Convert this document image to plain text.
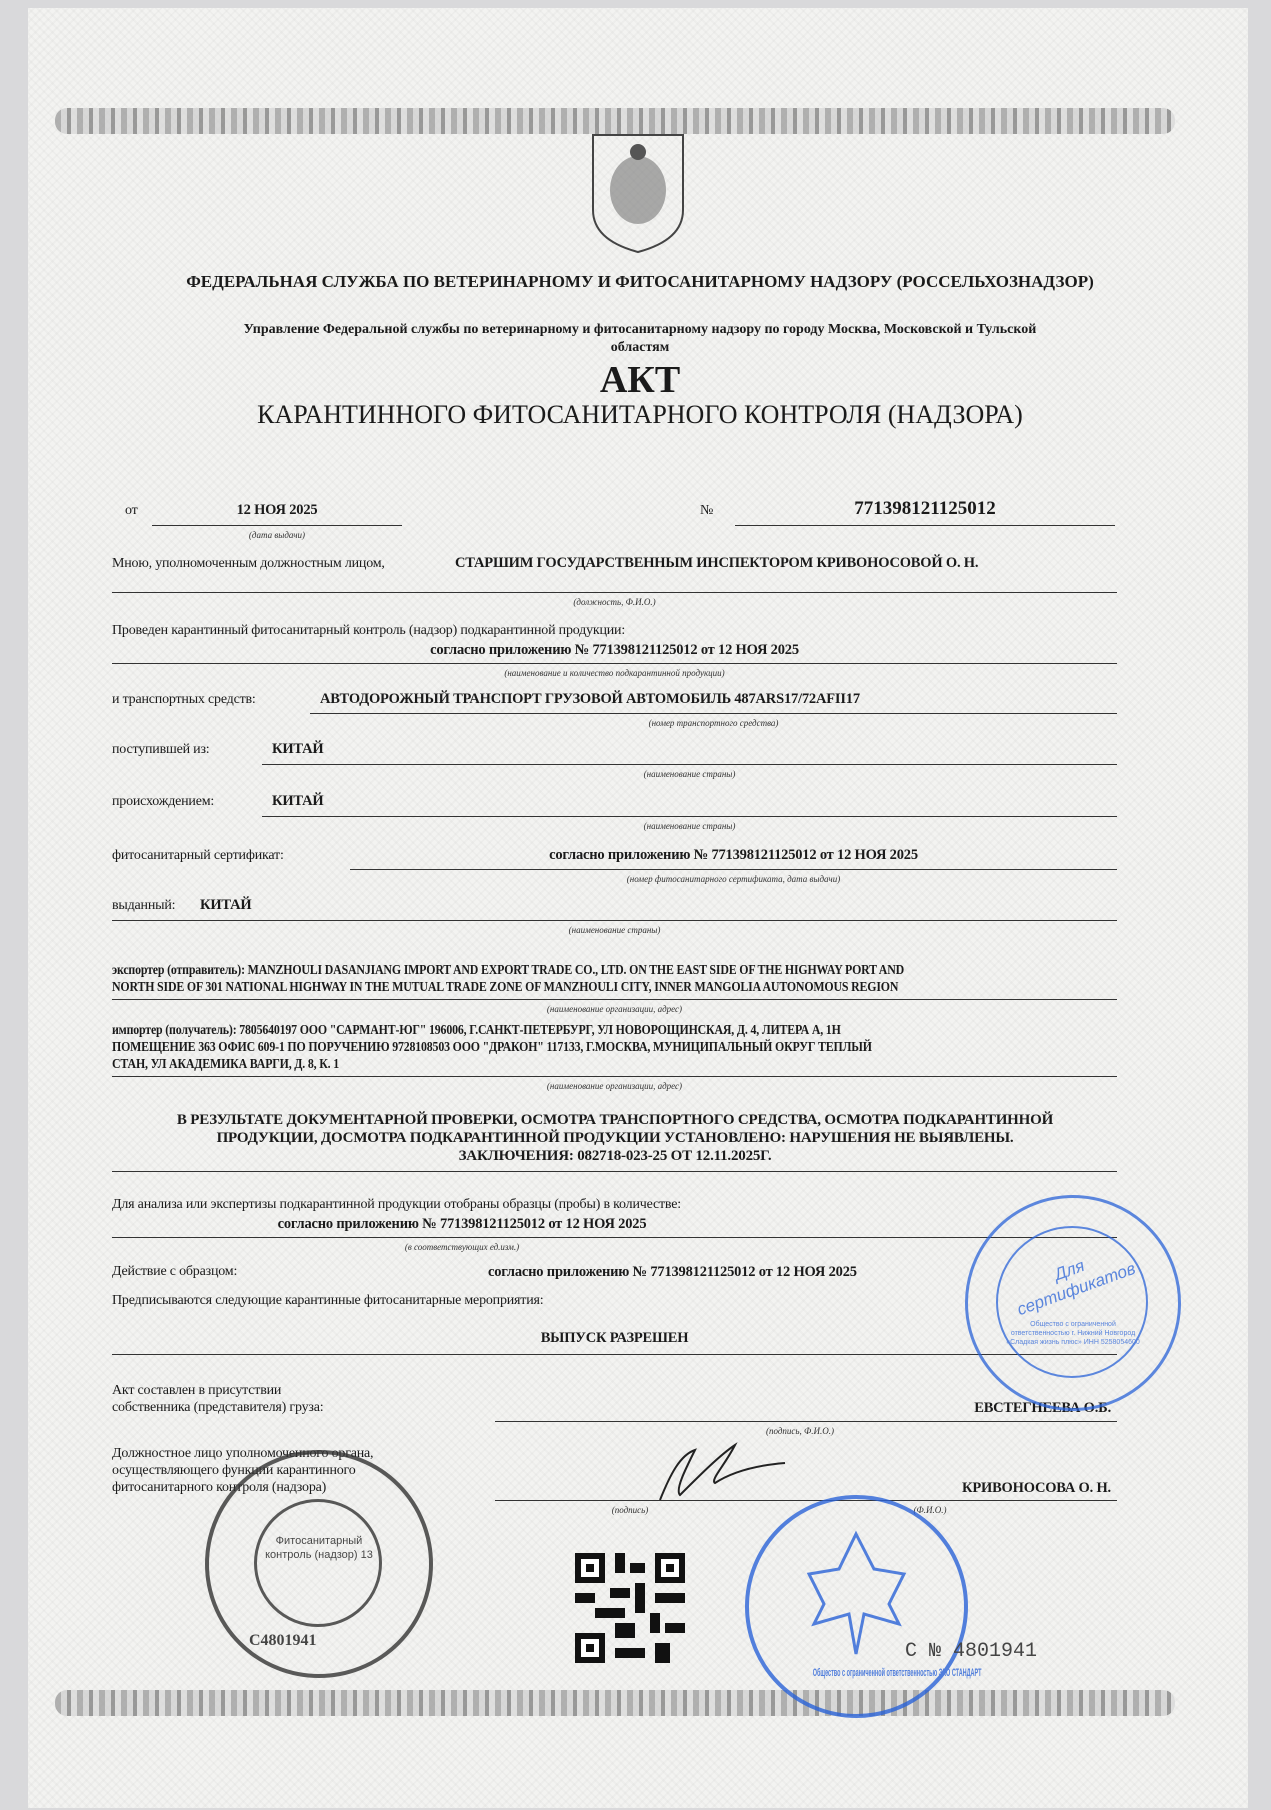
ФЕДЕРАЛЬНАЯ СЛУЖБА ПО ВЕТЕРИНАРНОМУ И ФИТОСАНИТАРНОМУ НАДЗОРУ (РОССЕЛЬХОЗНАДЗОР)
Управление Федеральной службы по ветеринарному и фитосанитарному надзору по городу Москва, Московской и Тульской
областям
АКТ
КАРАНТИННОГО ФИТОСАНИТАРНОГО КОНТРОЛЯ (НАДЗОРА)
от	12 НОЯ 2025
(дата выдачи)
№	771398121125012
Мною, уполномоченным должностным лицом,	СТАРШИМ ГОСУДАРСТВЕННЫМ ИНСПЕКТОРОМ КРИВОНОСОВОЙ О. Н.
(должность, Ф.И.О.)
Проведен карантинный фитосанитарный контроль (надзор) подкарантинной продукции:
согласно приложению № 771398121125012 от 12 НОЯ 2025
(наименование и количество подкарантинной продукции)
и транспортных средств:	АВТОДОРОЖНЫЙ ТРАНСПОРТ ГРУЗОВОЙ АВТОМОБИЛЬ 487ARS17/72AFII17
(номер транспортного средства)
поступившей из:	КИТАЙ
(наименование страны)
происхождением:	КИТАЙ
(наименование страны)
фитосанитарный сертификат:	согласно приложению № 771398121125012 от 12 НОЯ 2025
(номер фитосанитарного сертификата, дата выдачи)
выданный: КИТАЙ
(наименование страны)
экспортер (отправитель): MANZHOULI DASANJIANG IMPORT AND EXPORT TRADE CO., LTD. ON THE EAST SIDE OF THE HIGHWAY PORT AND
NORTH SIDE OF 301 NATIONAL HIGHWAY IN THE MUTUAL TRADE ZONE OF MANZHOULI CITY, INNER MANGOLIA AUTONOMOUS REGION
(наименование организации, адрес)
импортер (получатель): 7805640197 ООО "САРМАНТ-ЮГ" 196006, Г.САНКТ-ПЕТЕРБУРГ, УЛ НОВОРОЩИНСКАЯ, Д. 4, ЛИТЕРА А, 1Н
ПОМЕЩЕНИЕ 363 ОФИС 609-1 ПО ПОРУЧЕНИЮ 9728108503 ООО "ДРАКОН" 117133, Г.МОСКВА, МУНИЦИПАЛЬНЫЙ ОКРУГ ТЕПЛЫЙ
СТАН, УЛ АКАДЕМИКА ВАРГИ, Д. 8, К. 1
(наименование организации, адрес)
В РЕЗУЛЬТАТЕ ДОКУМЕНТАРНОЙ ПРОВЕРКИ, ОСМОТРА ТРАНСПОРТНОГО СРЕДСТВА, ОСМОТРА ПОДКАРАНТИННОЙ
ПРОДУКЦИИ, ДОСМОТРА ПОДКАРАНТИННОЙ ПРОДУКЦИИ УСТАНОВЛЕНО: НАРУШЕНИЯ НЕ ВЫЯВЛЕНЫ.
ЗАКЛЮЧЕНИЯ: 082718-023-25 ОТ 12.11.2025Г.
Для анализа или экспертизы подкарантинной продукции отобраны образцы (пробы) в количестве:
согласно приложению № 771398121125012 от 12 НОЯ 2025
(в соответствующих ед.изм.)
Действие с образцом:	согласно приложению № 771398121125012 от 12 НОЯ 2025
Предписываются следующие карантинные фитосанитарные мероприятия:
ВЫПУСК РАЗРЕШЕН
Акт составлен в присутствии
собственника (представителя) груза:	ЕВСТЕГНЕЕВА О.Б.
(подпись, Ф.И.О.)
Должностное лицо уполномоченного органа,
осуществляющего функции карантинного
фитосанитарного контроля (надзора)	КРИВОНОСОВА О. Н.
(подпись)	(Ф.И.О.)
Фитосанитарный контроль (надзор) 13
С4801941
Для сертификатов
Общество с ограниченной ответственностью г. Нижний Новгород «Сладкая жизнь плюс» ИНН 5258054600
Общество с ограниченной ответственностью ЭКО СТАНДАРТ
С № 4801941
